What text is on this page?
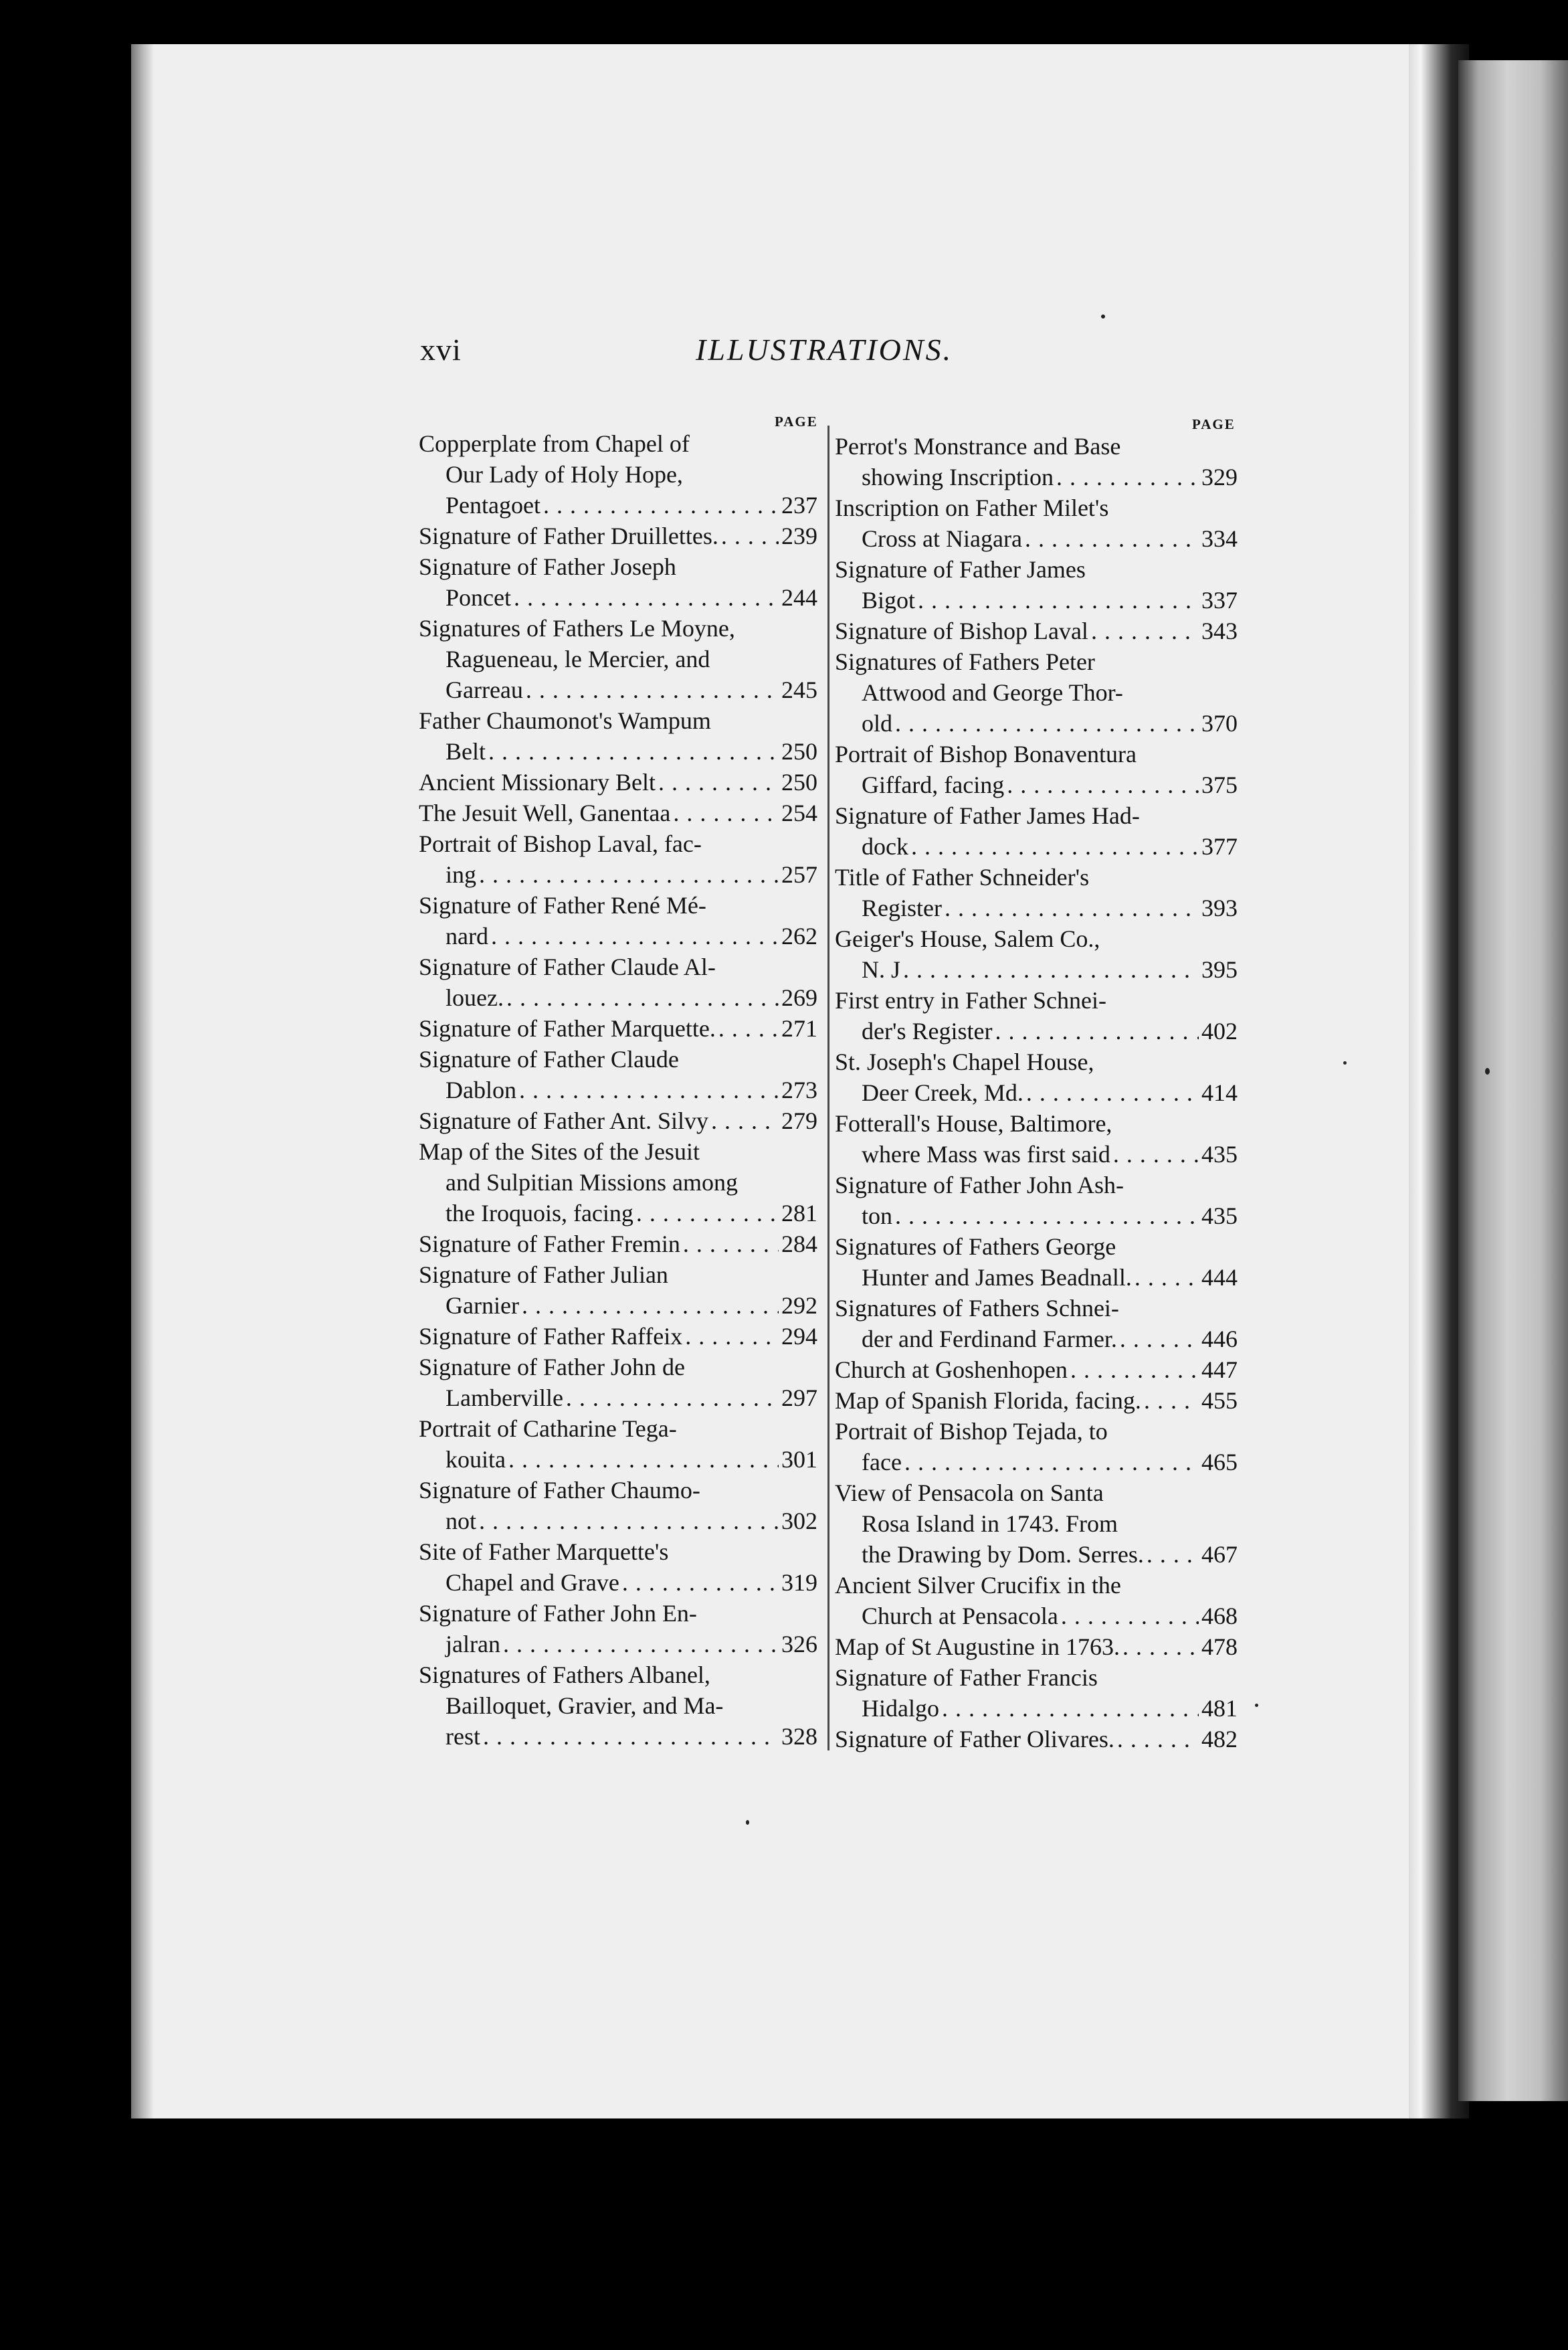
xvi	ILLUSTRATIONS.
PAGE	PAGE
Copperplate from Chapel of
Our Lady of Holy Hope,
Pentagoet . . .	237
Signature of Father Druillettes. . . .	239
Signature of Father Joseph
Poncet . . .	244
Signatures of Fathers Le Moyne,
Ragueneau, le Mercier, and
Garreau . . .	245
Father Chaumonot's Wampum
Belt . . .	250
Ancient Missionary Belt . . .	250
The Jesuit Well, Ganentaa . . .	254
Portrait of Bishop Laval, fac-
ing . . .	257
Signature of Father René Mé-
nard . . .	262
Signature of Father Claude Al-
louez. . . .	269
Signature of Father Marquette. . . .	271
Signature of Father Claude
Dablon . . .	273
Signature of Father Ant. Silvy . . .	279
Map of the Sites of the Jesuit
and Sulpitian Missions among
the Iroquois, facing . . .	281
Signature of Father Fremin . . .	284
Signature of Father Julian
Garnier . . .	292
Signature of Father Raffeix . . .	294
Signature of Father John de
Lamberville . . .	297
Portrait of Catharine Tega-
kouita . . .	301
Signature of Father Chaumo-
not . . .	302
Site of Father Marquette's
Chapel and Grave . . .	319
Signature of Father John En-
jalran . . .	326
Signatures of Fathers Albanel,
Bailloquet, Gravier, and Ma-
rest . . .	328
Perrot's Monstrance and Base
showing Inscription . . .	329
Inscription on Father Milet's
Cross at Niagara . . .	334
Signature of Father James
Bigot . . .	337
Signature of Bishop Laval . . .	343
Signatures of Fathers Peter
Attwood and George Thor-
old . . .	370
Portrait of Bishop Bonaventura
Giffard, facing . . .	375
Signature of Father James Had-
dock . . .	377
Title of Father Schneider's
Register . . .	393
Geiger's House, Salem Co.,
N. J . . .	395
First entry in Father Schnei-
der's Register . . .	402
St. Joseph's Chapel House,
Deer Creek, Md. . . .	414
Fotterall's House, Baltimore,
where Mass was first said . . .	435
Signature of Father John Ash-
ton . . .	435
Signatures of Fathers George
Hunter and James Beadnall. . . .	444
Signatures of Fathers Schnei-
der and Ferdinand Farmer. . . .	446
Church at Goshenhopen . . .	447
Map of Spanish Florida, facing. . . .	455
Portrait of Bishop Tejada, to
face . . .	465
View of Pensacola on Santa
Rosa Island in 1743. From
the Drawing by Dom. Serres. . . . 467
Ancient Silver Crucifix in the
Church at Pensacola . . .	468
Map of St Augustine in 1763. . . .	478
Signature of Father Francis
Hidalgo . . .	481
Signature of Father Olivares. . . .	482
